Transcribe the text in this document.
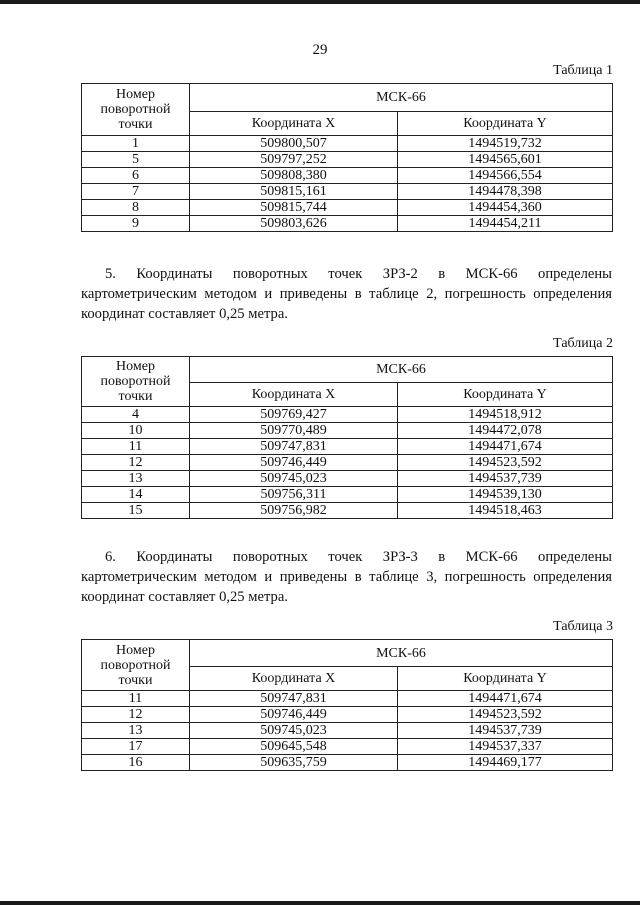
29
Таблица 1
Номер поворотной точки	МСК-66	
	Координата X	Координата Y
1	509800,507	1494519,732
5	509797,252	1494565,601
6	509808,380	1494566,554
7	509815,161	1494478,398
8	509815,744	1494454,360
9	509803,626	1494454,211
5. Координаты поворотных точек ЗРЗ-2 в МСК-66 определены
картометрическим методом и приведены в таблице 2, погрешность определения
координат составляет 0,25 метра.
Таблица 2
Номер поворотной точки	МСК-66	
	Координата X	Координата Y
4	509769,427	1494518,912
10	509770,489	1494472,078
11	509747,831	1494471,674
12	509746,449	1494523,592
13	509745,023	1494537,739
14	509756,311	1494539,130
15	509756,982	1494518,463
6. Координаты поворотных точек ЗРЗ-3 в МСК-66 определены
картометрическим методом и приведены в таблице 3, погрешность определения
координат составляет 0,25 метра.
Таблица 3
Номер поворотной точки	МСК-66	
	Координата X	Координата Y
11	509747,831	1494471,674
12	509746,449	1494523,592
13	509745,023	1494537,739
17	509645,548	1494537,337
16	509635,759	1494469,177
